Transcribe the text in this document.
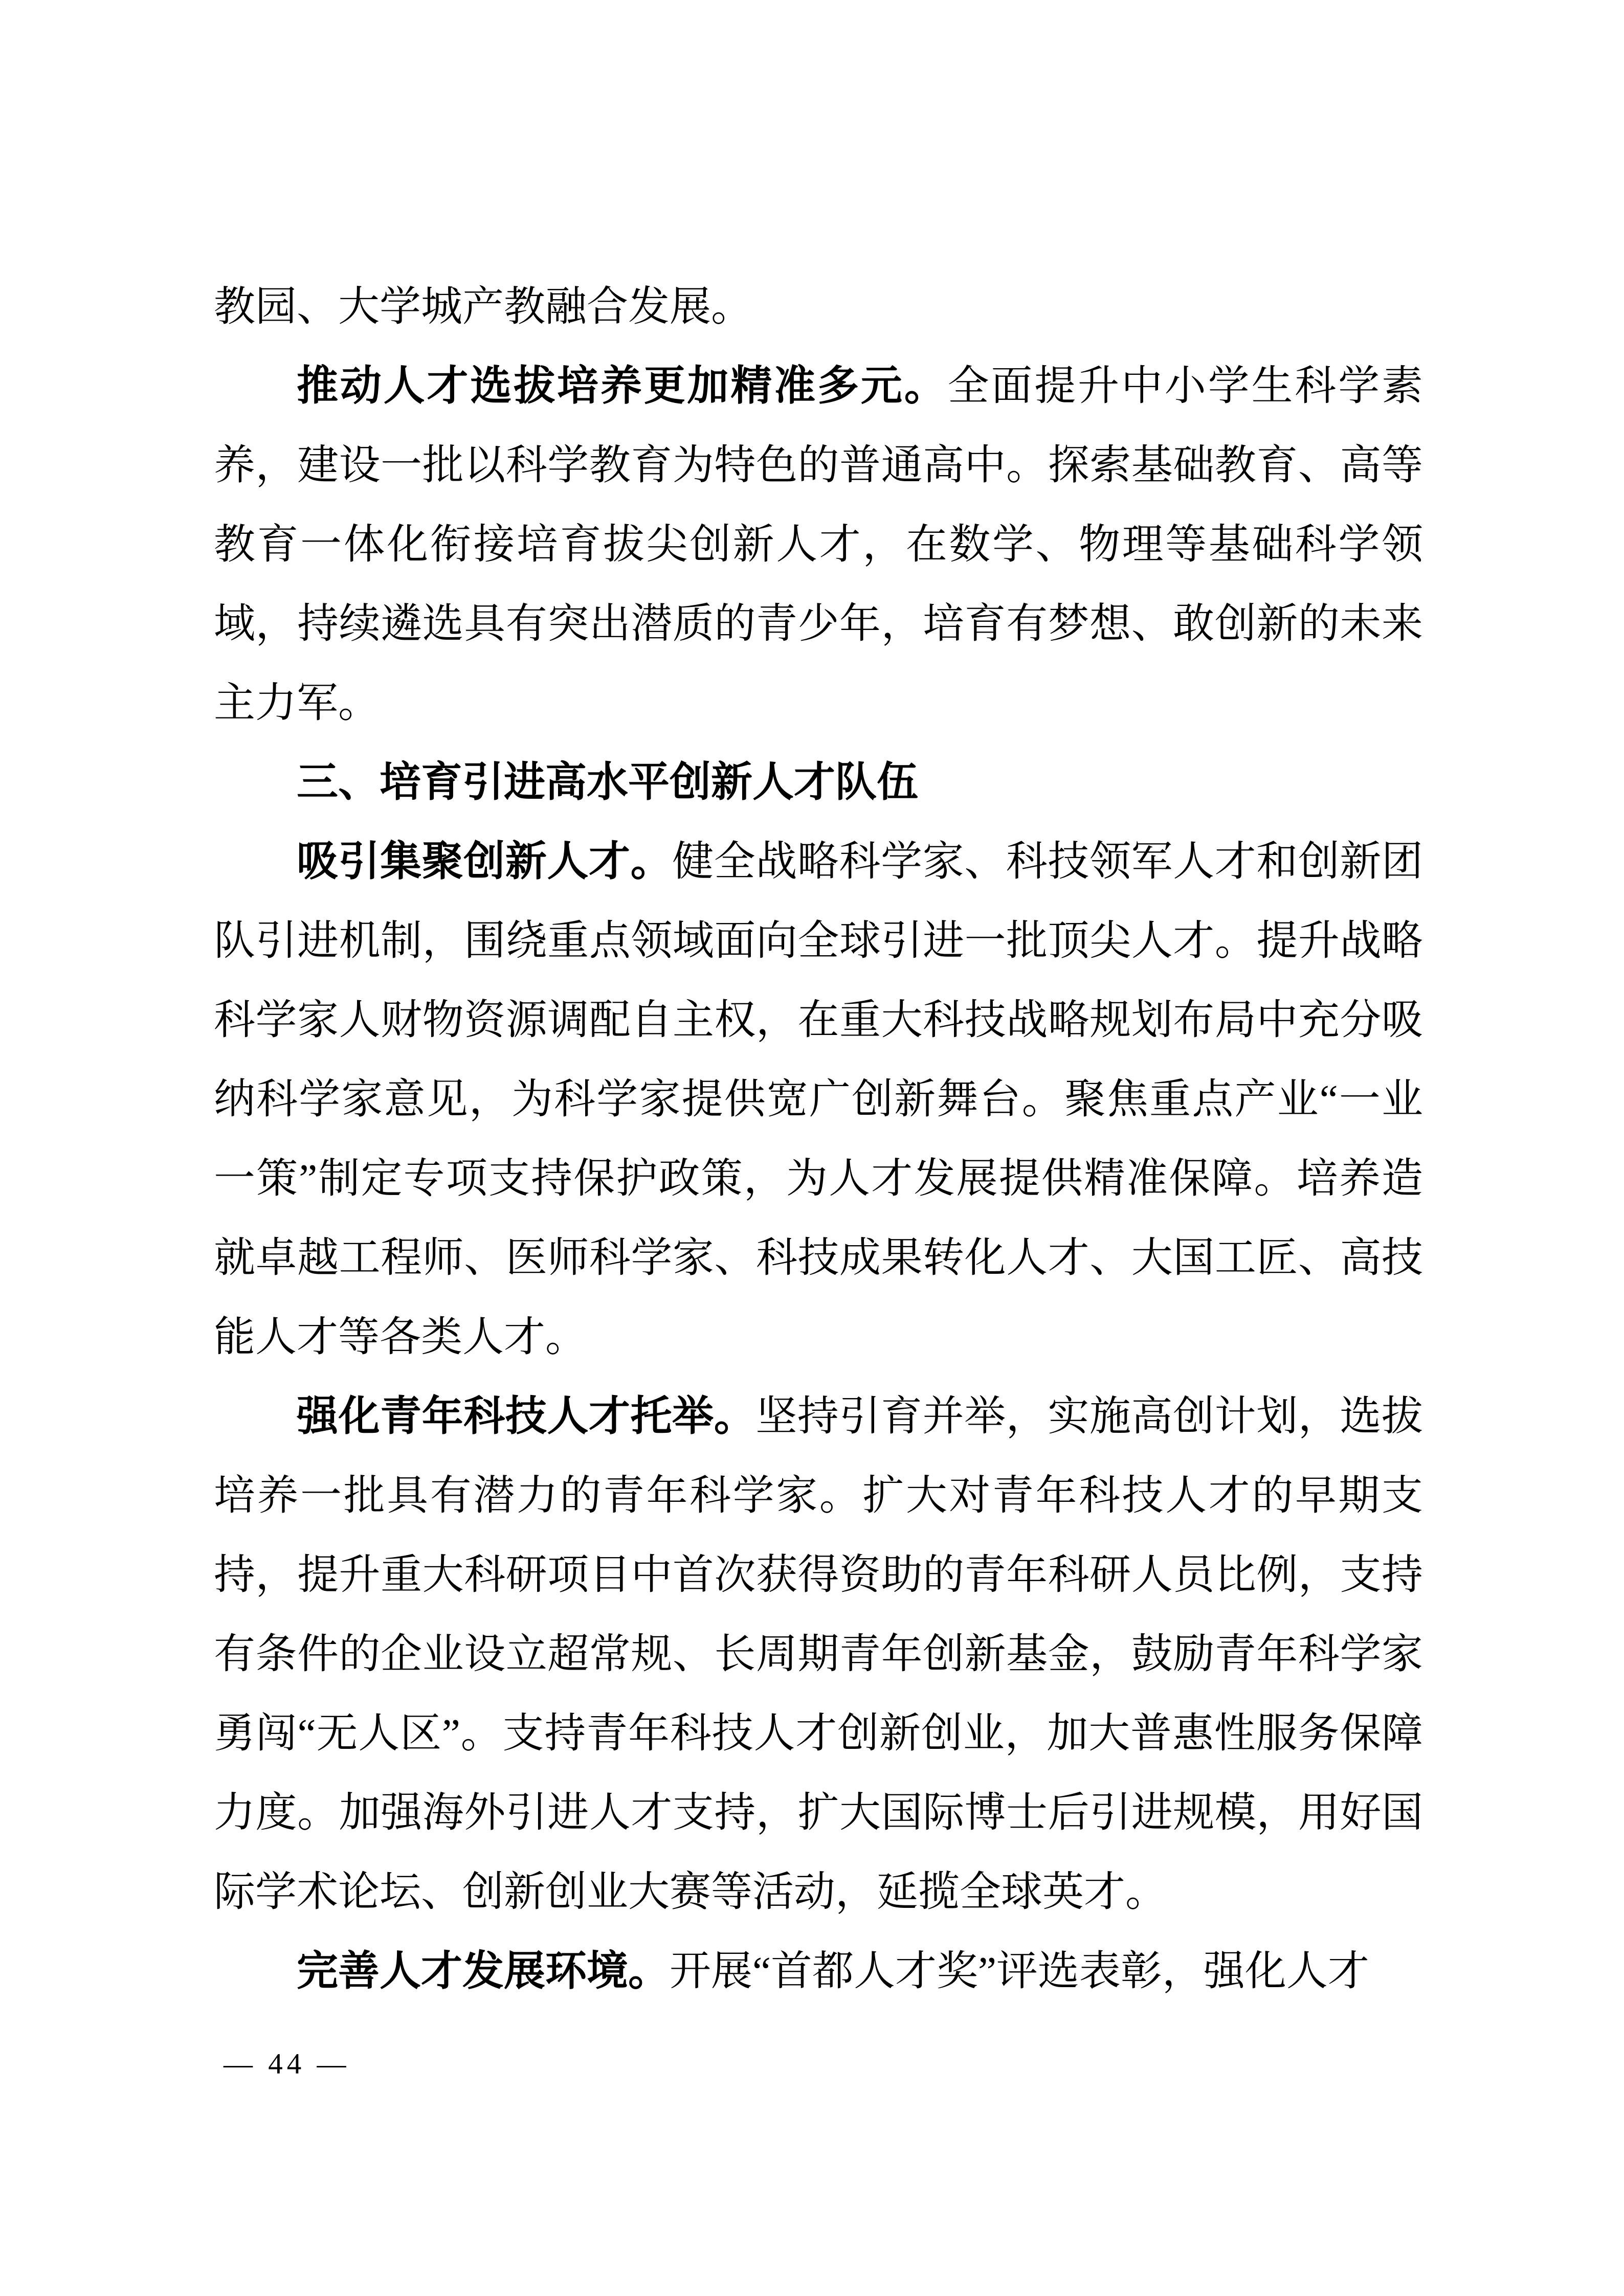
教园、大学城产教融合发展。

推动人才选拔培养更加精准多元。全面提升中小学生科学素养，建设一批以科学教育为特色的普通高中。探索基础教育、高等教育一体化衔接培育拔尖创新人才，在数学、物理等基础科学领域，持续遴选具有突出潜质的青少年，培育有梦想、敢创新的未来主力军。

三、培育引进高水平创新人才队伍

吸引集聚创新人才。健全战略科学家、科技领军人才和创新团队引进机制，围绕重点领域面向全球引进一批顶尖人才。提升战略科学家人财物资源调配自主权，在重大科技战略规划布局中充分吸纳科学家意见，为科学家提供宽广创新舞台。聚焦重点产业“一业一策”制定专项支持保护政策，为人才发展提供精准保障。培养造就卓越工程师、医师科学家、科技成果转化人才、大国工匠、高技能人才等各类人才。

强化青年科技人才托举。坚持引育并举，实施高创计划，选拔培养一批具有潜力的青年科学家。扩大对青年科技人才的早期支持，提升重大科研项目中首次获得资助的青年科研人员比例，支持有条件的企业设立超常规、长周期青年创新基金，鼓励青年科学家勇闯“无人区”。支持青年科技人才创新创业，加大普惠性服务保障力度。加强海外引进人才支持，扩大国际博士后引进规模，用好国际学术论坛、创新创业大赛等活动，延揽全球英才。

完善人才发展环境。开展“首都人才奖”评选表彰，强化人才

— 44 —
